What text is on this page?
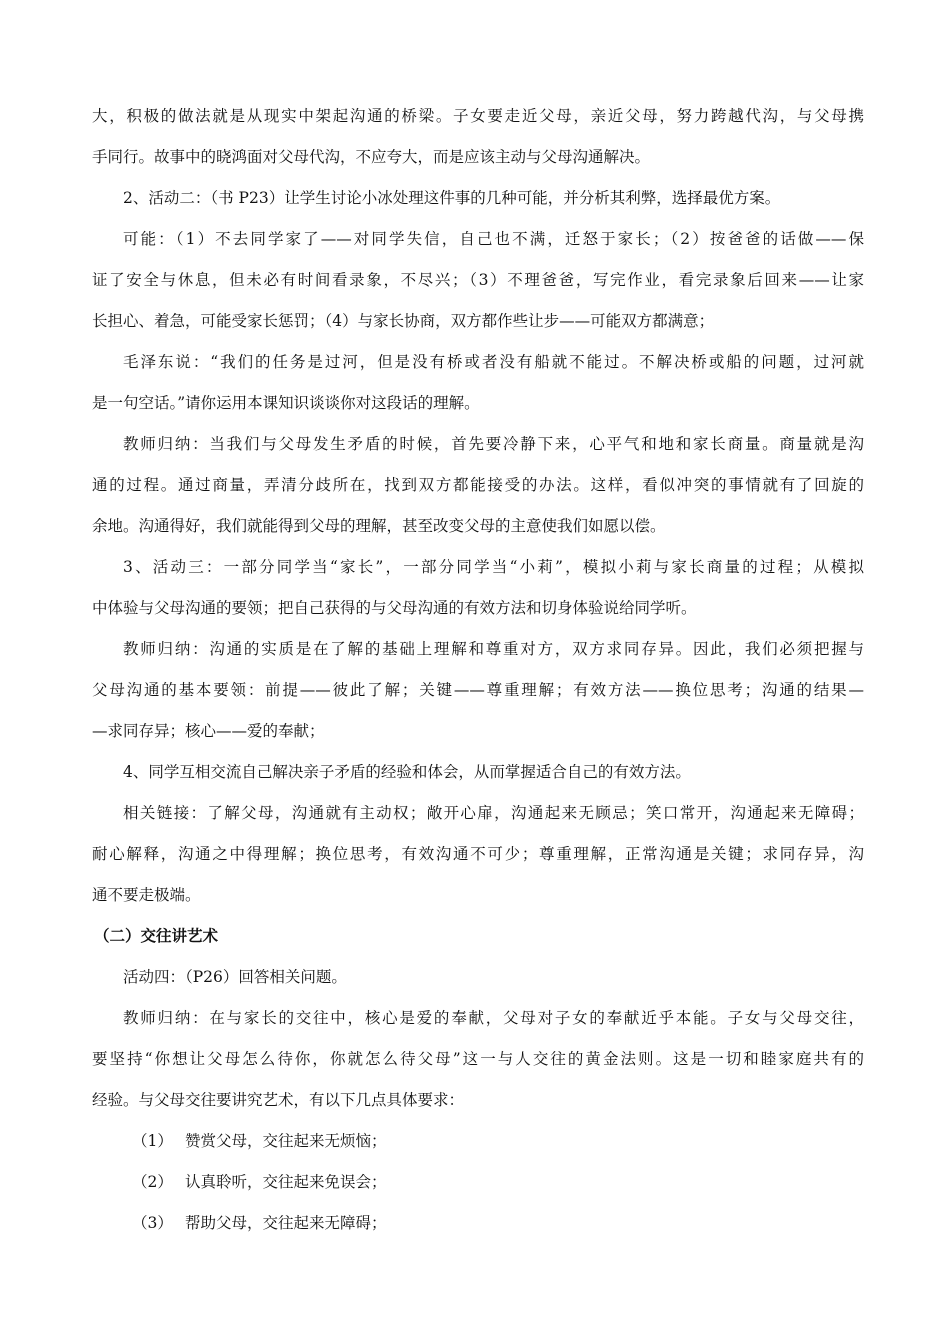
大，积极的做法就是从现实中架起沟通的桥梁。子女要走近父母，亲近父母，努力跨越代沟，与父母携
手同行。故事中的晓鸿面对父母代沟，不应夸大，而是应该主动与父母沟通解决。
2、活动二：（书 P23）让学生讨论小冰处理这件事的几种可能，并分析其利弊，选择最优方案。
可能：（1）不去同学家了——对同学失信，自己也不满，迁怒于家长；（2）按爸爸的话做——保
证了安全与休息，但未必有时间看录象，不尽兴；（3）不理爸爸，写完作业，看完录象后回来——让家
长担心、着急，可能受家长惩罚；（4）与家长协商，双方都作些让步——可能双方都满意；
毛泽东说：“我们的任务是过河，但是没有桥或者没有船就不能过。不解决桥或船的问题，过河就
是一句空话。”请你运用本课知识谈谈你对这段话的理解。
教师归纳：当我们与父母发生矛盾的时候，首先要冷静下来，心平气和地和家长商量。商量就是沟
通的过程。通过商量，弄清分歧所在，找到双方都能接受的办法。这样，看似冲突的事情就有了回旋的
余地。沟通得好，我们就能得到父母的理解，甚至改变父母的主意使我们如愿以偿。
3、活动三：一部分同学当“家长”，一部分同学当“小莉”，模拟小莉与家长商量的过程；从模拟
中体验与父母沟通的要领；把自己获得的与父母沟通的有效方法和切身体验说给同学听。
教师归纳：沟通的实质是在了解的基础上理解和尊重对方，双方求同存异。因此，我们必须把握与
父母沟通的基本要领：前提——彼此了解；关键——尊重理解；有效方法——换位思考；沟通的结果—
—求同存异；核心——爱的奉献；
4、同学互相交流自己解决亲子矛盾的经验和体会，从而掌握适合自己的有效方法。
相关链接：了解父母，沟通就有主动权；敞开心扉，沟通起来无顾忌；笑口常开，沟通起来无障碍；
耐心解释，沟通之中得理解；换位思考，有效沟通不可少；尊重理解，正常沟通是关键；求同存异，沟
通不要走极端。
（二）交往讲艺术
活动四：（P26）回答相关问题。
教师归纳：在与家长的交往中，核心是爱的奉献，父母对子女的奉献近乎本能。子女与父母交往，
要坚持“你想让父母怎么待你，你就怎么待父母”这一与人交往的黄金法则。这是一切和睦家庭共有的
经验。与父母交往要讲究艺术，有以下几点具体要求：
（1） 赞赏父母，交往起来无烦恼；
（2） 认真聆听，交往起来免误会；
（3） 帮助父母，交往起来无障碍；
